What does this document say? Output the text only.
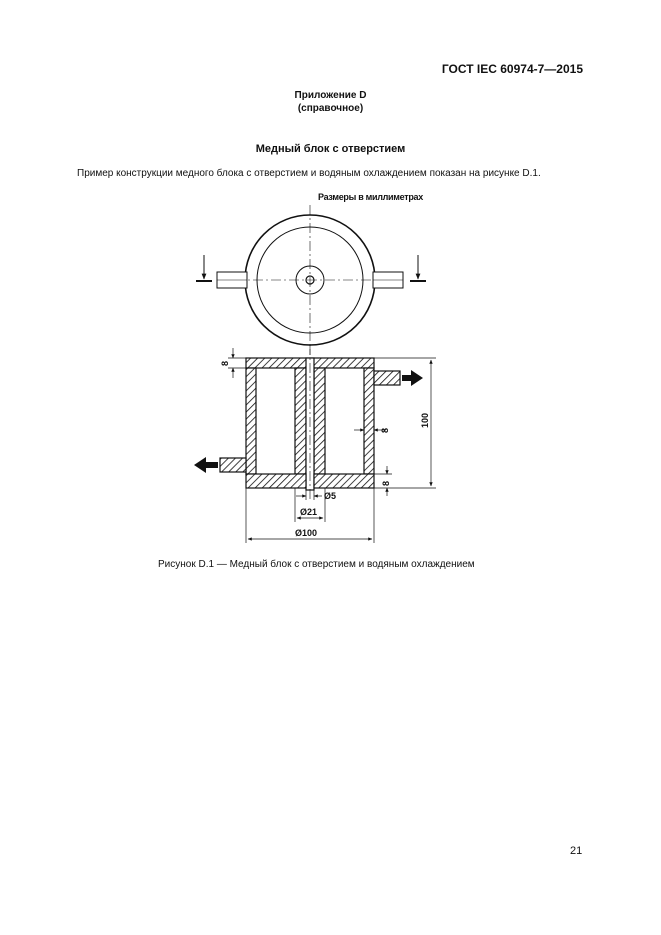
ГОСТ IEC 60974-7—2015
Приложение D
(справочное)
Медный блок с отверстием
Пример конструкции медного блока с отверстием и водяным охлаждением показан на рисунке D.1.
Размеры в миллиметрах
8
100
8
8
Ø5
Ø21
Ø100
Рисунок D.1 — Медный блок с отверстием и водяным охлаждением
21
